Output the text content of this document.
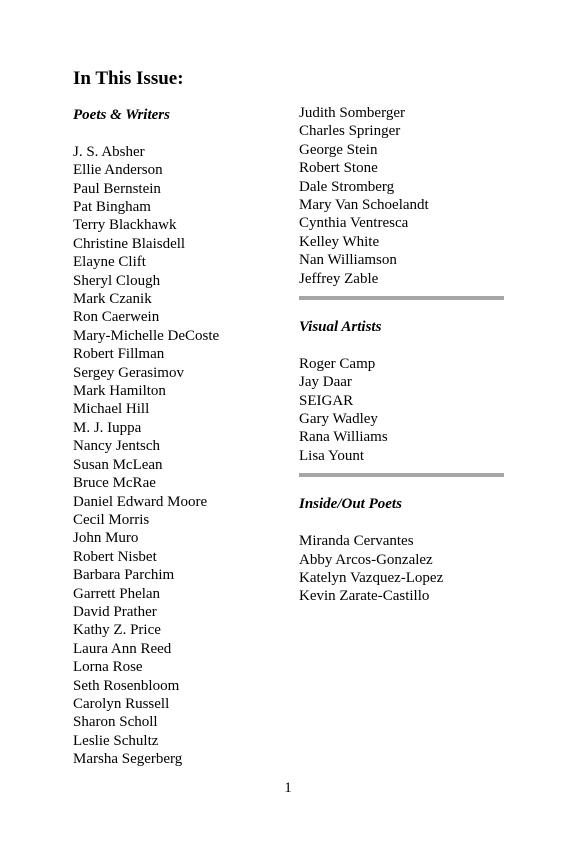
In This Issue:
Poets & Writers
J. S. Absher
Ellie Anderson
Paul Bernstein
Pat Bingham
Terry Blackhawk
Christine Blaisdell
Elayne Clift
Sheryl Clough
Mark Czanik
Ron Caerwein
Mary-Michelle DeCoste
Robert Fillman
Sergey Gerasimov
Mark Hamilton
Michael Hill
M. J. Iuppa
Nancy Jentsch
Susan McLean
Bruce McRae
Daniel Edward Moore
Cecil Morris
John Muro
Robert Nisbet
Barbara Parchim
Garrett Phelan
David Prather
Kathy Z. Price
Laura Ann Reed
Lorna Rose
Seth Rosenbloom
Carolyn Russell
Sharon Scholl
Leslie Schultz
Marsha Segerberg
Judith Somberger
Charles Springer
George Stein
Robert Stone
Dale Stromberg
Mary Van Schoelandt
Cynthia Ventresca
Kelley White
Nan Williamson
Jeffrey Zable
Visual Artists
Roger Camp
Jay Daar
SEIGAR
Gary Wadley
Rana Williams
Lisa Yount
Inside/Out Poets
Miranda Cervantes
Abby Arcos-Gonzalez
Katelyn Vazquez-Lopez
Kevin Zarate-Castillo
1
